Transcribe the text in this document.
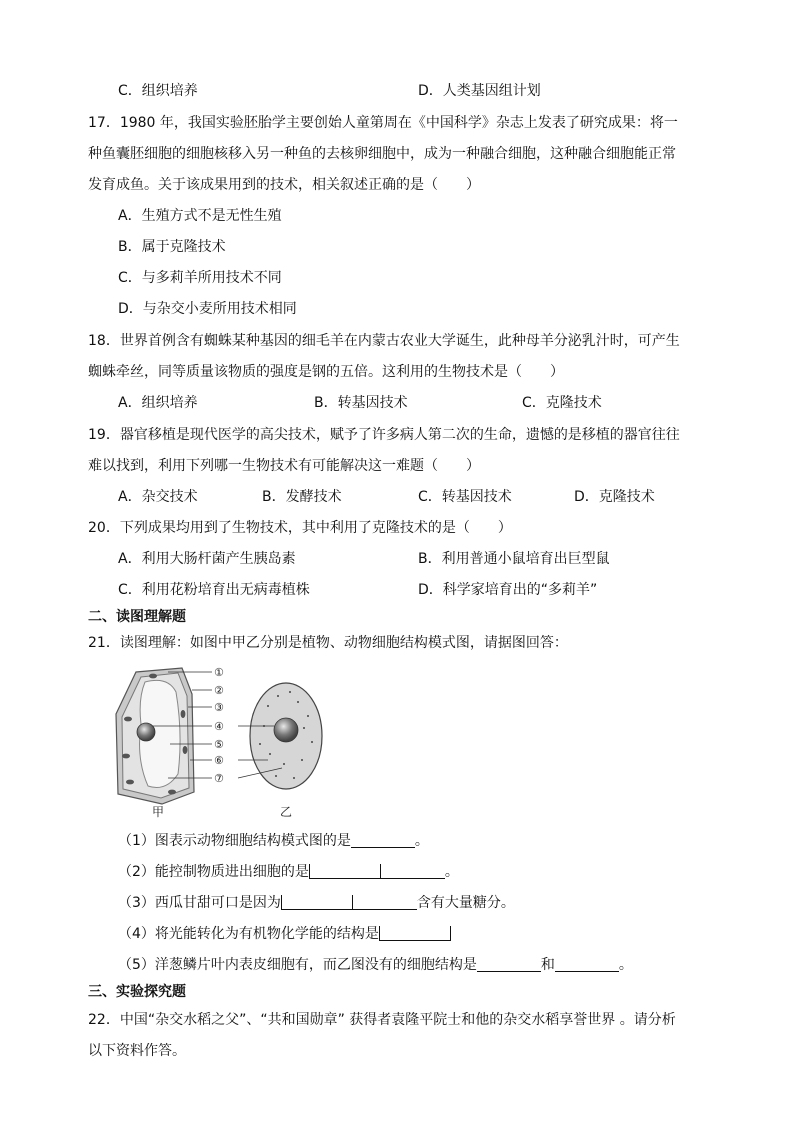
C．组织培养	D．人类基因组计划
17．1980 年，我国实验胚胎学主要创始人童第周在《中国科学》杂志上发表了研究成果：将一
种鱼囊胚细胞的细胞核移入另一种鱼的去核卵细胞中，成为一种融合细胞，这种融合细胞能正常
发育成鱼。关于该成果用到的技术，相关叙述正确的是（　　）
A．生殖方式不是无性生殖
B．属于克隆技术
C．与多莉羊所用技术不同
D．与杂交小麦所用技术相同
18．世界首例含有蜘蛛某种基因的细毛羊在内蒙古农业大学诞生，此种母羊分泌乳汁时，可产生
蜘蛛牵丝，同等质量该物质的强度是钢的五倍。这利用的生物技术是（　　）
A．组织培养	B．转基因技术	C．克隆技术
19．器官移植是现代医学的高尖技术，赋予了许多病人第二次的生命，遗憾的是移植的器官往往
难以找到，利用下列哪一生物技术有可能解决这一难题（　　）
A．杂交技术	B．发酵技术	C．转基因技术	D．克隆技术
20．下列成果均用到了生物技术，其中利用了克隆技术的是（　　）
A．利用大肠杆菌产生胰岛素	B．利用普通小鼠培育出巨型鼠
C．利用花粉培育出无病毒植株	D．科学家培育出的“多莉羊”
二、读图理解题
21．读图理解：如图中甲乙分别是植物、动物细胞结构模式图，请据图回答：
①
②
③
④
⑤
⑥
⑦
甲	乙
（1）图表示动物细胞结构模式图的是	。
（2）能控制物质进出细胞的是	。
（3）西瓜甘甜可口是因为	含有大量糖分。
（4）将光能转化为有机物化学能的结构是
（5）洋葱鳞片叶内表皮细胞有，而乙图没有的细胞结构是	和	。
三、实验探究题
22．中国“杂交水稻之父”、“共和国勋章” 获得者袁隆平院士和他的杂交水稻享誉世界 。请分析
以下资料作答。
